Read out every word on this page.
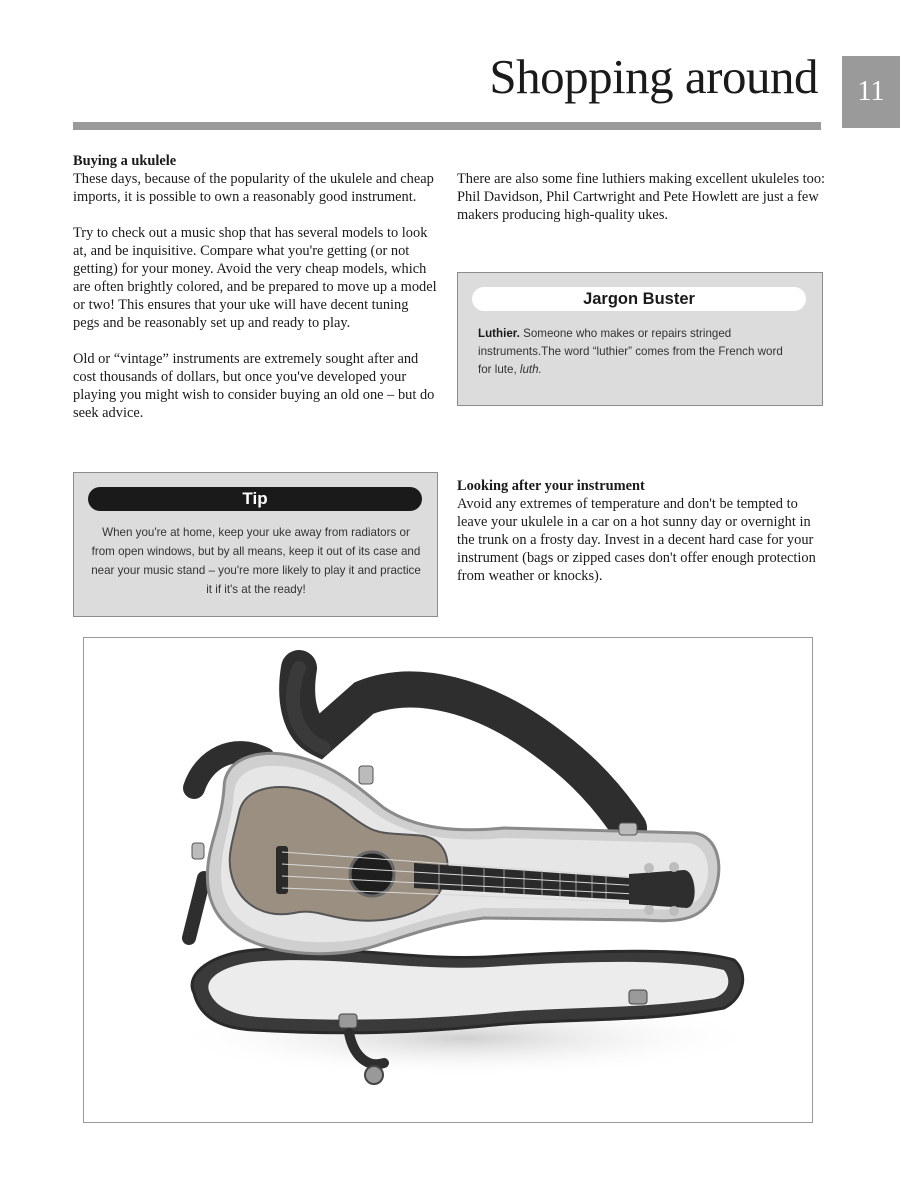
Shopping around	11
Buying a ukulele

These days, because of the popularity of the ukulele and cheap imports, it is possible to own a reasonably good instrument.

Try to check out a music shop that has several models to look at, and be inquisitive. Compare what you're getting (or not getting) for your money. Avoid the very cheap models, which are often brightly colored, and be prepared to move up a model or two! This ensures that your uke will have decent tuning pegs and be reasonably set up and ready to play.

Old or “vintage” instruments are extremely sought after and cost thousands of dollars, but once you've developed your playing you might wish to consider buying an old one – but do seek advice.

There are also some fine luthiers making excellent ukuleles too: Phil Davidson, Phil Cartwright and Pete Howlett are just a few makers producing high-quality ukes.

Jargon Buster
Luthier. Someone who makes or repairs stringed instruments.The word “luthier” comes from the French word for lute, luth.
Looking after your instrument

Avoid any extremes of temperature and don't be tempted to leave your ukulele in a car on a hot sunny day or overnight in the trunk on a frosty day. Invest in a decent hard case for your instrument (bags or zipped cases don't offer enough protection from weather or knocks).

Tip
When you're at home, keep your uke away from radiators or from open windows, but by all means, keep it out of its case and near your music stand – you're more likely to play it and practice it if it's at the ready!
